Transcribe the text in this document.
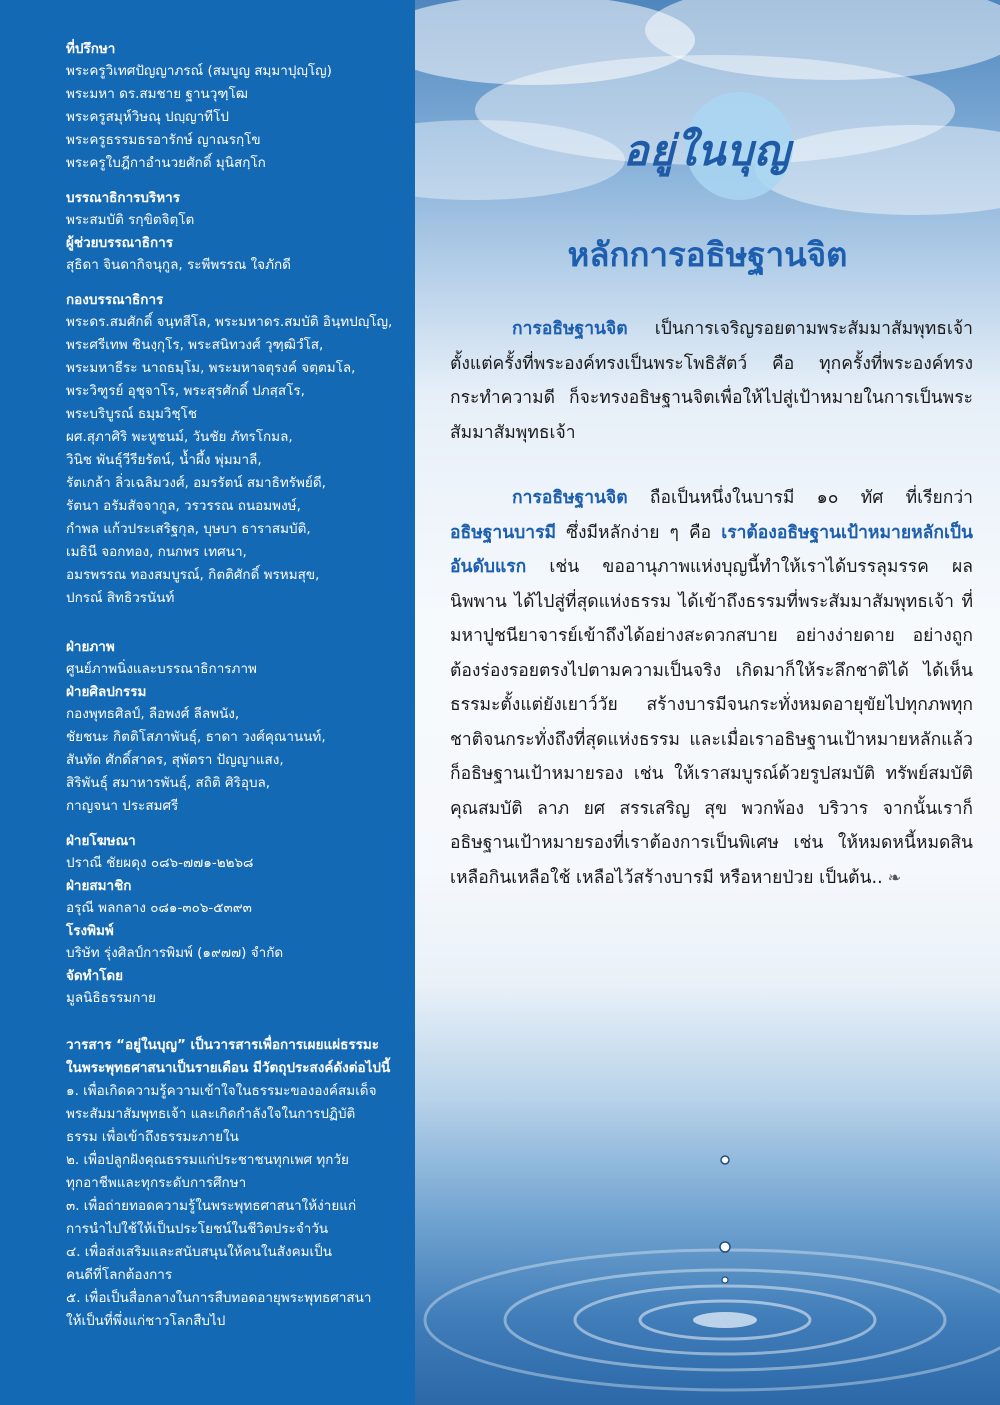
ที่ปรึกษา
พระครูวิเทศปัญญาภรณ์ (สมบูญ สมฺมาปุญฺโญ)
พระมหา ดร.สมชาย ฐานวุฑฺโฒ
พระครูสมุห์วิษณุ ปญฺญาทีโป
พระครูธรรมธรอารักษ์ ญาณรกฺโข
พระครูใบฎีกาอำนวยศักดิ์ มุนิสกฺโก
บรรณาธิการบริหาร
พระสมบัติ รกฺขิตจิตฺโต
ผู้ช่วยบรรณาธิการ
สุธิดา จินดากิจนุกูล, ระพีพรรณ ใจภักดี
กองบรรณาธิการ
พระดร.สมศักดิ์ จนฺทสีโล, พระมหาดร.สมบัติ อินฺทปญฺโญ,
พระศรีเทพ ชินงฺกุโร, พระสนิทวงศ์ วุฑฺฒิวํโส,
พระมหาธีระ นาถธมฺโม, พระมหาจตุรงค์ จตฺตมโล,
พระวิฑูรย์ อุชุจาโร, พระสุรศักดิ์ ปภสฺสโร,
พระบริบูรณ์ ธมฺมวิชฺโช
ผศ.สุภาศิริ พะหูชนม์, วันชัย ภัทรโกมล,
วินิช พันธุ์วีรียรัตน์, น้ำผึ้ง พุ่มมาลี,
รัตเกล้า ลิ่วเฉลิมวงศ์, อมรรัตน์ สมาธิทรัพย์ดี,
รัตนา อรัมสัจจากูล, วรวรรณ ถนอมพงษ์,
กำพล แก้วประเสริฐกุล, บุษบา ธาราสมบัติ,
เมธินี จอกทอง, กนกพร เทศนา,
อมรพรรณ ทองสมบูรณ์, กิตติศักดิ์ พรหมสุข,
ปกรณ์ สิทธิวรนันท์
ฝ่ายภาพ
ศูนย์ภาพนิ่งและบรรณาธิการภาพ
ฝ่ายศิลปกรรม
กองพุทธศิลป์, ลือพงศ์ ลีลพนัง,
ชัยชนะ กิตติโสภาพันธุ์, ธาดา วงศ์คุณานนท์,
สันทัด ศักดิ์สาคร, สุพัตรา ปัญญาแสง,
สิริพันธุ์ สมาหารพันธุ์, สถิติ ศิริอุบล,
กาญจนา ประสมศรี
ฝ่ายโฆษณา
ปราณี ชัยผดุง ๐๘๖-๗๗๑-๒๒๖๘
ฝ่ายสมาชิก
อรุณี พลกลาง ๐๘๑-๓๐๖-๕๓๙๓
โรงพิมพ์
บริษัท รุ่งศิลป์การพิมพ์ (๑๙๗๗) จำกัด
จัดทำโดย
มูลนิธิธรรมกาย
วารสาร “อยู่ในบุญ” เป็นวารสารเพื่อการเผยแผ่ธรรมะ
ในพระพุทธศาสนาเป็นรายเดือน มีวัตถุประสงค์ดังต่อไปนี้
๑. เพื่อเกิดความรู้ความเข้าใจในธรรมะขององค์สมเด็จ
พระสัมมาสัมพุทธเจ้า และเกิดกำลังใจในการปฏิบัติ
ธรรม เพื่อเข้าถึงธรรมะภายใน
๒. เพื่อปลูกฝังคุณธรรมแก่ประชาชนทุกเพศ ทุกวัย
ทุกอาชีพและทุกระดับการศึกษา
๓. เพื่อถ่ายทอดความรู้ในพระพุทธศาสนาให้ง่ายแก่
การนำไปใช้ให้เป็นประโยชน์ในชีวิตประจำวัน
๔. เพื่อส่งเสริมและสนับสนุนให้คนในสังคมเป็น
คนดีที่โลกต้องการ
๕. เพื่อเป็นสื่อกลางในการสืบทอดอายุพระพุทธศาสนา
ให้เป็นที่พึ่งแก่ชาวโลกสืบไป
อยู่ในบุญ
หลักการอธิษฐานจิต
การอธิษฐานจิต เป็นการเจริญรอยตามพระสัมมาสัมพุทธเจ้า ตั้งแต่ครั้งที่พระองค์ทรงเป็นพระโพธิสัตว์ คือ ทุกครั้งที่พระองค์ทรงกระทำความดี ก็จะทรงอธิษฐานจิตเพื่อให้ไปสู่เป้าหมายในการเป็นพระสัมมาสัมพุทธเจ้า
การอธิษฐานจิต ถือเป็นหนึ่งในบารมี ๑๐ ทัศ ที่เรียกว่า อธิษฐานบารมี ซึ่งมีหลักง่าย ๆ คือ เราต้องอธิษฐานเป้าหมายหลักเป็นอันดับแรก เช่น ขออานุภาพแห่งบุญนี้ทำให้เราได้บรรลุมรรค ผล นิพพาน ได้ไปสู่ที่สุดแห่งธรรม ได้เข้าถึงธรรมที่พระสัมมาสัมพุทธเจ้า ที่มหาปูชนียาจารย์เข้าถึงได้อย่างสะดวกสบาย อย่างง่ายดาย อย่างถูกต้องร่องรอยตรงไปตามความเป็นจริง เกิดมาก็ให้ระลึกชาติได้ ได้เห็นธรรมะตั้งแต่ยังเยาว์วัย สร้างบารมีจนกระทั่งหมดอายุขัยไปทุกภพทุกชาติจนกระทั่งถึงที่สุดแห่งธรรม และเมื่อเราอธิษฐานเป้าหมายหลักแล้ว ก็อธิษฐานเป้าหมายรอง เช่น ให้เราสมบูรณ์ด้วยรูปสมบัติ ทรัพย์สมบัติ คุณสมบัติ ลาภ ยศ สรรเสริญ สุข พวกพ้อง บริวาร จากนั้นเราก็อธิษฐานเป้าหมายรองที่เราต้องการเป็นพิเศษ เช่น ให้หมดหนี้หมดสิน เหลือกินเหลือใช้ เหลือไว้สร้างบารมี หรือหายป่วย เป็นต้น.. ❧
